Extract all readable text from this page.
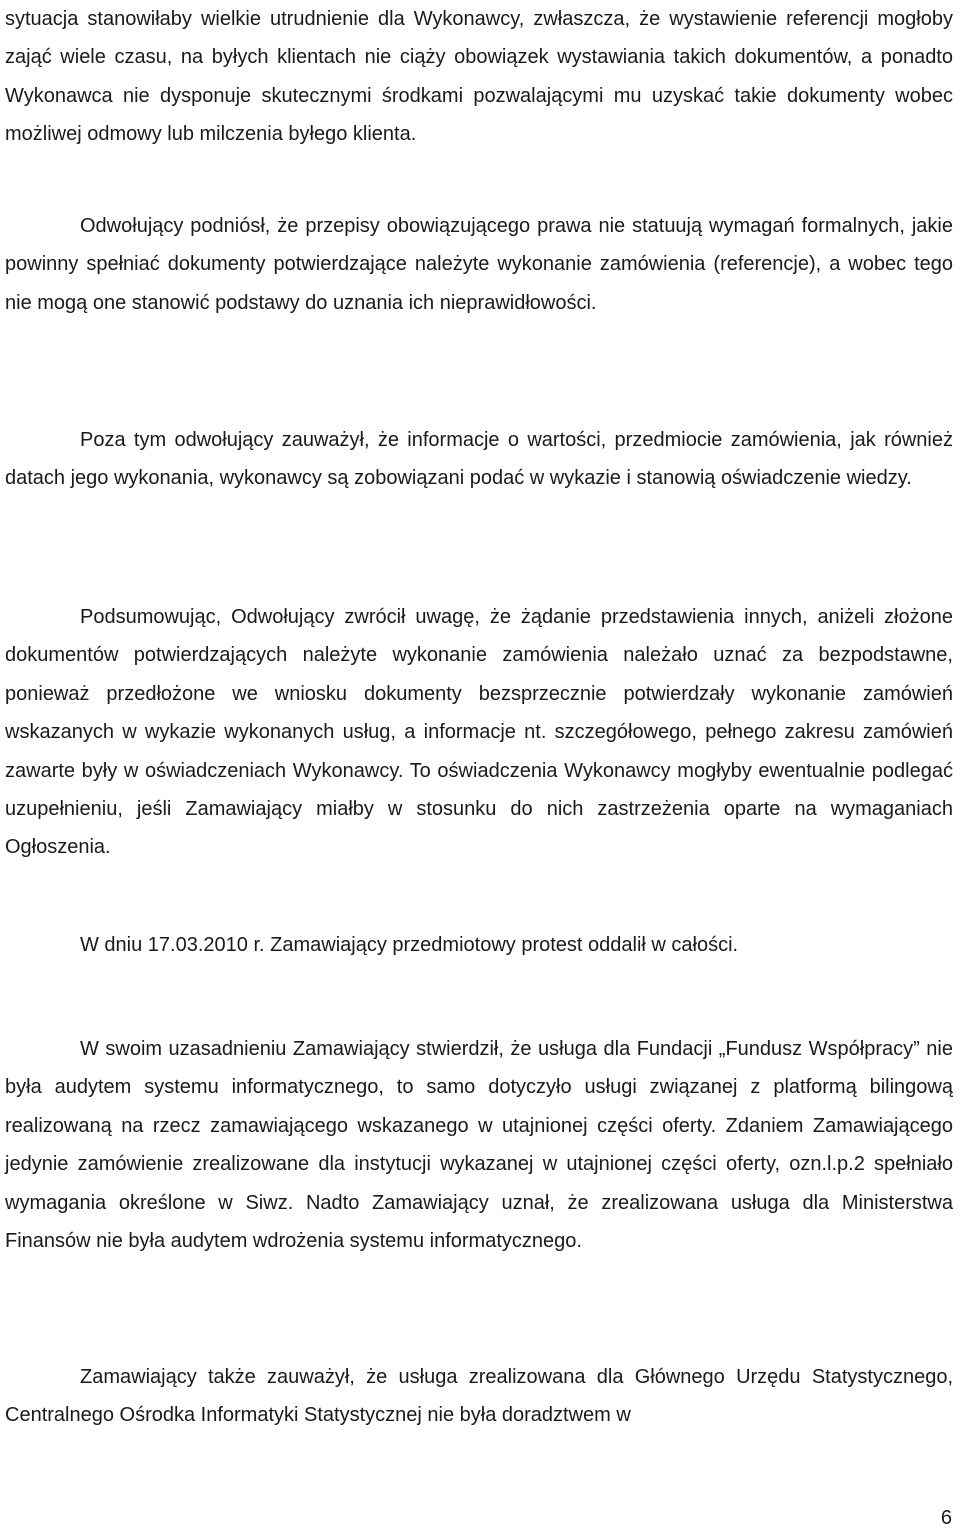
sytuacja stanowiłaby wielkie utrudnienie dla Wykonawcy, zwłaszcza, że wystawienie referencji mogłoby zająć wiele czasu, na byłych klientach nie ciąży obowiązek wystawiania takich dokumentów, a ponadto Wykonawca nie dysponuje skutecznymi środkami pozwalającymi mu uzyskać takie dokumenty wobec możliwej odmowy lub milczenia byłego klienta.

Odwołujący podniósł, że przepisy obowiązującego prawa nie statuują wymagań formalnych, jakie powinny spełniać dokumenty potwierdzające należyte wykonanie zamówienia (referencje), a wobec tego nie mogą one stanowić podstawy do uznania ich nieprawidłowości.

Poza tym odwołujący zauważył, że informacje o wartości, przedmiocie zamówienia, jak również datach jego wykonania, wykonawcy są zobowiązani podać w wykazie i stanowią oświadczenie wiedzy.

Podsumowując, Odwołujący zwrócił uwagę, że żądanie przedstawienia innych, aniżeli złożone dokumentów potwierdzających należyte wykonanie zamówienia należało uznać za bezpodstawne, ponieważ przedłożone we wniosku dokumenty bezsprzecznie potwierdzały wykonanie zamówień wskazanych w wykazie wykonanych usług, a informacje nt. szczegółowego, pełnego zakresu zamówień zawarte były w oświadczeniach Wykonawcy. To oświadczenia Wykonawcy mogłyby ewentualnie podlegać uzupełnieniu, jeśli Zamawiający miałby w stosunku do nich zastrzeżenia oparte na wymaganiach Ogłoszenia.

W dniu 17.03.2010 r. Zamawiający przedmiotowy protest oddalił w całości.

W swoim uzasadnieniu Zamawiający stwierdził, że usługa dla Fundacji „Fundusz Współpracy” nie była audytem systemu informatycznego, to samo dotyczyło usługi związanej z platformą bilingową realizowaną na rzecz zamawiającego wskazanego w utajnionej części oferty. Zdaniem Zamawiającego jedynie zamówienie zrealizowane dla instytucji wykazanej w utajnionej części oferty, ozn.l.p.2 spełniało wymagania określone w Siwz. Nadto Zamawiający uznał, że zrealizowana usługa dla Ministerstwa Finansów nie była audytem wdrożenia systemu informatycznego.

Zamawiający także zauważył, że usługa zrealizowana dla Głównego Urzędu Statystycznego, Centralnego Ośrodka Informatyki Statystycznej nie była doradztwem w

6
